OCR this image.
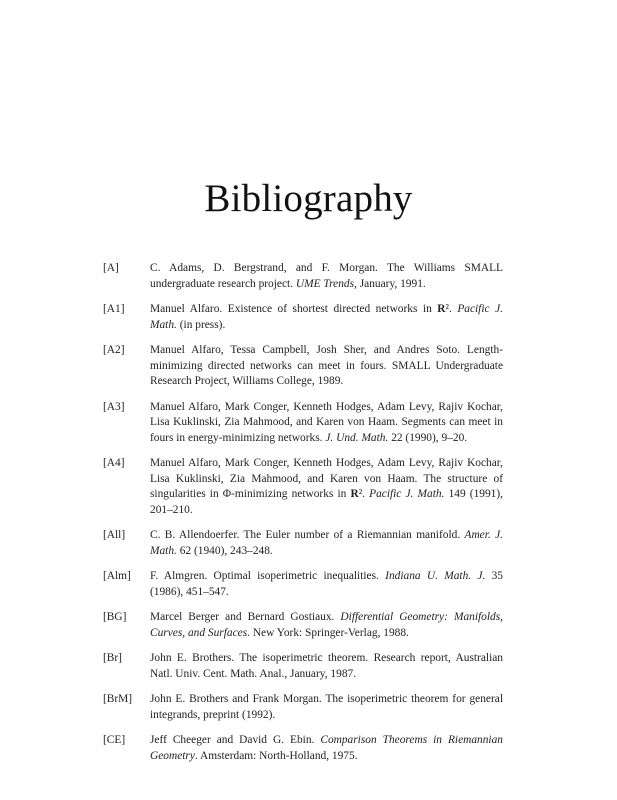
Bibliography
[A]	C. Adams, D. Bergstrand, and F. Morgan. The Williams SMALL undergraduate research project. UME Trends, January, 1991.
[A1]	Manuel Alfaro. Existence of shortest directed networks in R². Pacific J. Math. (in press).
[A2]	Manuel Alfaro, Tessa Campbell, Josh Sher, and Andres Soto. Length-minimizing directed networks can meet in fours. SMALL Undergraduate Research Project, Williams College, 1989.
[A3]	Manuel Alfaro, Mark Conger, Kenneth Hodges, Adam Levy, Rajiv Kochar, Lisa Kuklinski, Zia Mahmood, and Karen von Haam. Segments can meet in fours in energy-minimizing networks. J. Und. Math. 22 (1990), 9–20.
[A4]	Manuel Alfaro, Mark Conger, Kenneth Hodges, Adam Levy, Rajiv Kochar, Lisa Kuklinski, Zia Mahmood, and Karen von Haam. The structure of singularities in Φ-minimizing networks in R². Pacific J. Math. 149 (1991), 201–210.
[All]	C. B. Allendoerfer. The Euler number of a Riemannian manifold. Amer. J. Math. 62 (1940), 243–248.
[Alm]	F. Almgren. Optimal isoperimetric inequalities. Indiana U. Math. J. 35 (1986), 451–547.
[BG]	Marcel Berger and Bernard Gostiaux. Differential Geometry: Manifolds, Curves, and Surfaces. New York: Springer-Verlag, 1988.
[Br]	John E. Brothers. The isoperimetric theorem. Research report, Australian Natl. Univ. Cent. Math. Anal., January, 1987.
[BrM]	John E. Brothers and Frank Morgan. The isoperimetric theorem for general integrands, preprint (1992).
[CE]	Jeff Cheeger and David G. Ebin. Comparison Theorems in Riemannian Geometry. Amsterdam: North-Holland, 1975.
